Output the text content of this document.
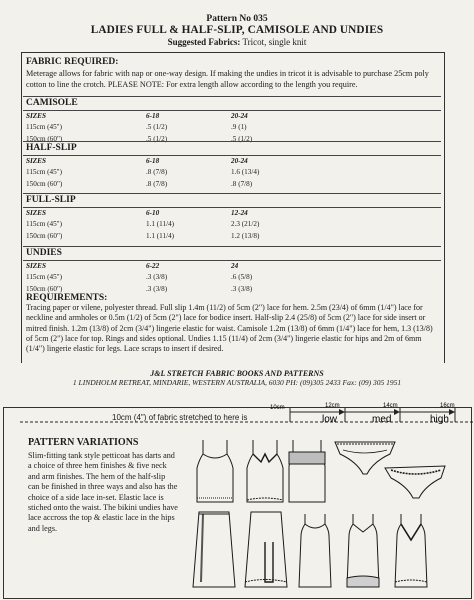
Pattern No 035
LADIES FULL & HALF-SLIP, CAMISOLE AND UNDIES
Suggested Fabrics: Tricot, single knit
FABRIC REQUIRED:
Meterage allows for fabric with nap or one-way design. If making the undies in tricot it is advisable to purchase 25cm poly cotton to line the crotch. PLEASE NOTE: For extra length allow according to the length you require.
CAMISOLE
SIZES	6-18	20-24
115cm (45")	.5 (1/2)	.9 (1)
150cm (60")	.5 (1/2)	.5 (1/2)
HALF-SLIP
SIZES	6-18	20-24
115cm (45")	.8 (7/8)	1.6 (13/4)
150cm (60")	.8 (7/8)	.8 (7/8)
FULL-SLIP
SIZES	6-10	12-24
115cm (45")	1.1 (11/4)	2.3 (21/2)
150cm (60")	1.1 (11/4)	1.2 (13/8)
UNDIES
SIZES	6-22	24
115cm (45")	.3 (3/8)	.6 (5/8)
150cm (60")	.3 (3/8)	.3 (3/8)
REQUIREMENTS:
Tracing paper or vilene, polyester thread. Full slip 1.4m (11/2) of 5cm (2") lace for hem. 2.5m (23/4) of 6mm (1/4") lace for neckline and armholes or 0.5m (1/2) of 5cm (2") lace for bodice insert. Half-slip 2.4 (25/8) of 5cm (2") lace for side insert or mitred finish. 1.2m (13/8) of 2cm (3/4") lingerie elastic for waist. Camisole 1.2m (13/8) of 6mm (1/4") lace for hem, 1.3 (13/8) of 5cm (2") lace for top. Rings and sides optional. Undies 1.15 (11/4) of 2cm (3/4") lingerie elastic for hips and 2m of 6mm (1/4") lingerie elastic for legs. Lace scraps to insert if desired.
J&L STRETCH FABRIC BOOKS AND PATTERNS
1 LINDHOLM RETREAT, MINDARIE, WESTERN AUSTRALIA, 6030 PH: (09)305 2433 Fax: (09) 305 1951
10cm	12cm	14cm	16cm
low	med	high
10cm (4") of fabric stretched to here is
PATTERN VARIATIONS
Slim-fitting tank style petticoat has darts and a choice of three hem finishes & five neck and arm finishes. The hem of the half-slip can be finished in three ways and also has the choice of a side lace in-set. Elastic lace is stiched onto the waist. The bikini undies have lace accross the top & elastic lace in the hips and legs.
